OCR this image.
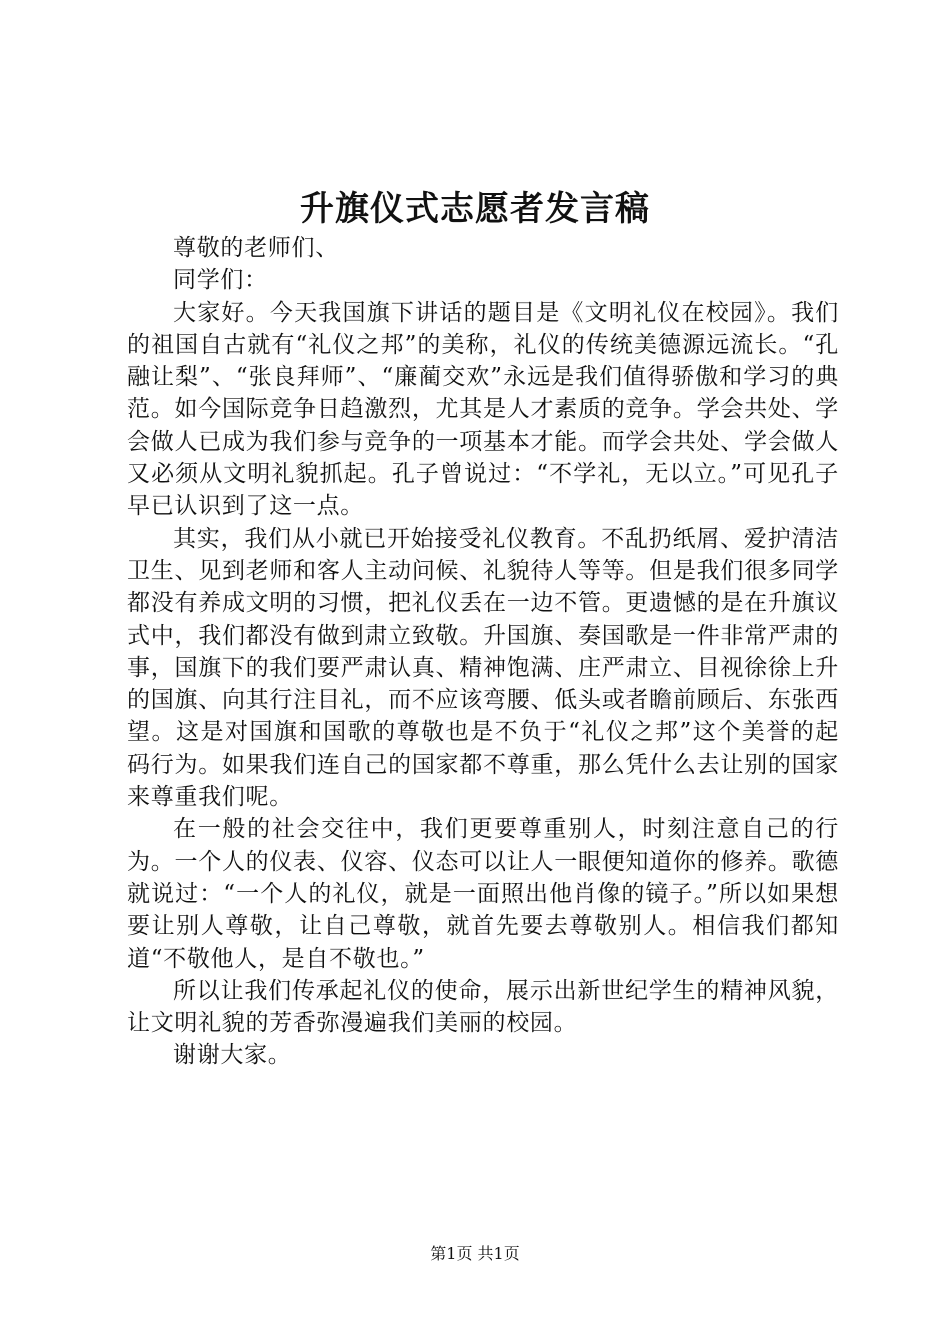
升旗仪式志愿者发言稿

尊敬的老师们、

同学们：

大家好。今天我国旗下讲话的题目是《文明礼仪在校园》。我们的祖国自古就有“礼仪之邦”的美称，礼仪的传统美德源远流长。“孔融让梨”、“张良拜师”、“廉蔺交欢”永远是我们值得骄傲和学习的典范。如今国际竞争日趋激烈，尤其是人才素质的竞争。学会共处、学会做人已成为我们参与竞争的一项基本才能。而学会共处、学会做人又必须从文明礼貌抓起。孔子曾说过：“不学礼，无以立。”可见孔子早已认识到了这一点。

其实，我们从小就已开始接受礼仪教育。不乱扔纸屑、爱护清洁卫生、见到老师和客人主动问候、礼貌待人等等。但是我们很多同学都没有养成文明的习惯，把礼仪丢在一边不管。更遗憾的是在升旗议式中，我们都没有做到肃立致敬。升国旗、奏国歌是一件非常严肃的事，国旗下的我们要严肃认真、精神饱满、庄严肃立、目视徐徐上升的国旗、向其行注目礼，而不应该弯腰、低头或者瞻前顾后、东张西望。这是对国旗和国歌的尊敬也是不负于“礼仪之邦”这个美誉的起码行为。如果我们连自己的国家都不尊重，那么凭什么去让别的国家来尊重我们呢。

在一般的社会交往中，我们更要尊重别人，时刻注意自己的行为。一个人的仪表、仪容、仪态可以让人一眼便知道你的修养。歌德就说过：“一个人的礼仪，就是一面照出他肖像的镜子。”所以如果想要让别人尊敬，让自己尊敬，就首先要去尊敬别人。相信我们都知道“不敬他人，是自不敬也。”

所以让我们传承起礼仪的使命，展示出新世纪学生的精神风貌，让文明礼貌的芳香弥漫遍我们美丽的校园。

谢谢大家。

第1页 共1页
